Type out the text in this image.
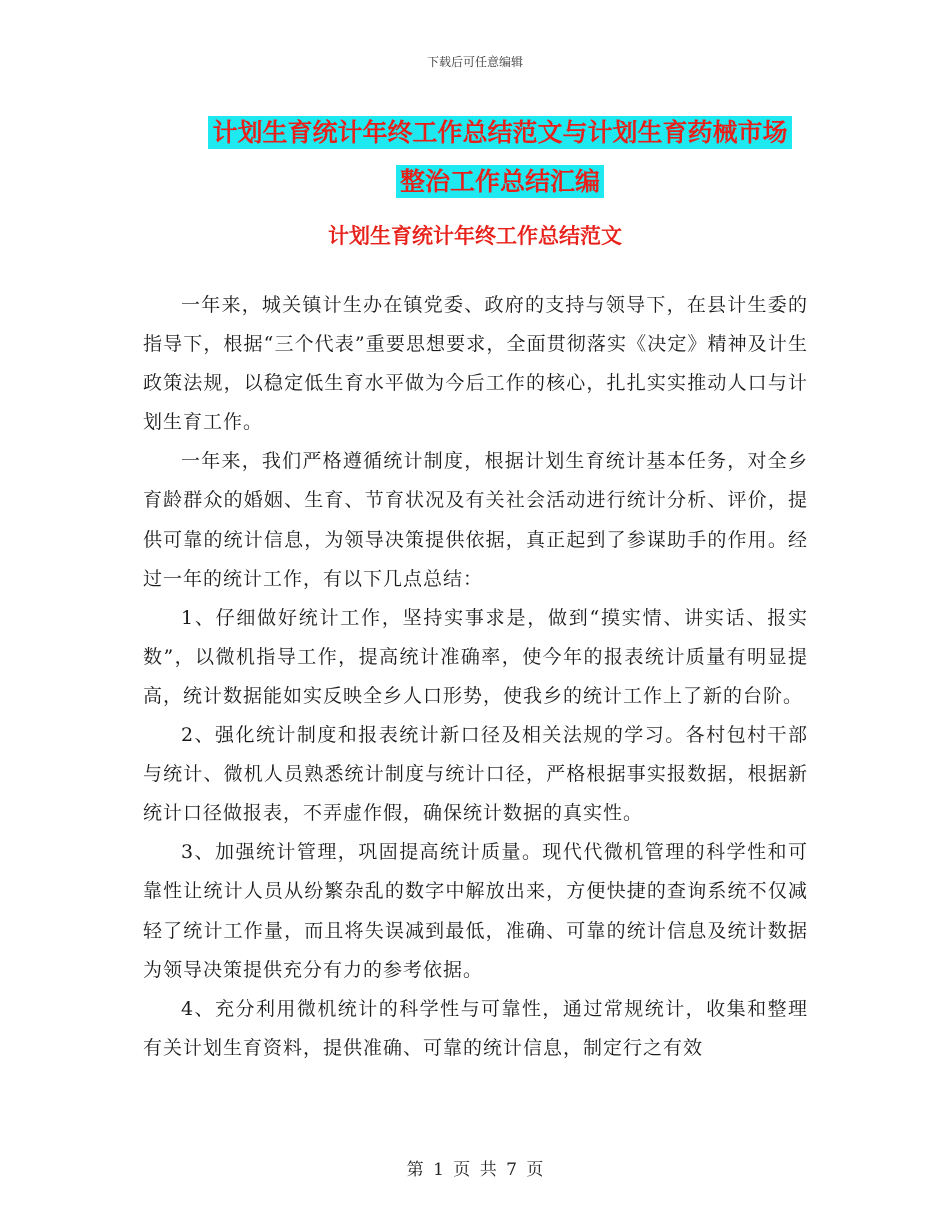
下载后可任意编辑
计划生育统计年终工作总结范文与计划生育药械市场
整治工作总结汇编
计划生育统计年终工作总结范文

一年来，城关镇计生办在镇党委、政府的支持与领导下，在县计生委的指导下，根据“三个代表”重要思想要求，全面贯彻落实《决定》精神及计生政策法规，以稳定低生育水平做为今后工作的核心，扎扎实实推动人口与计划生育工作。

一年来，我们严格遵循统计制度，根据计划生育统计基本任务，对全乡育龄群众的婚姻、生育、节育状况及有关社会活动进行统计分析、评价，提供可靠的统计信息，为领导决策提供依据，真正起到了参谋助手的作用。经过一年的统计工作，有以下几点总结：

1、仔细做好统计工作，坚持实事求是，做到“摸实情、讲实话、报实数”，以微机指导工作，提高统计准确率，使今年的报表统计质量有明显提高，统计数据能如实反映全乡人口形势，使我乡的统计工作上了新的台阶。

2、强化统计制度和报表统计新口径及相关法规的学习。各村包村干部与统计、微机人员熟悉统计制度与统计口径，严格根据事实报数据，根据新统计口径做报表，不弄虚作假，确保统计数据的真实性。

3、加强统计管理，巩固提高统计质量。现代代微机管理的科学性和可靠性让统计人员从纷繁杂乱的数字中解放出来，方便快捷的查询系统不仅减轻了统计工作量，而且将失误减到最低，准确、可靠的统计信息及统计数据为领导决策提供充分有力的参考依据。

4、充分利用微机统计的科学性与可靠性，通过常规统计，收集和整理有关计划生育资料，提供准确、可靠的统计信息，制定行之有效

第 1 页 共 7 页
